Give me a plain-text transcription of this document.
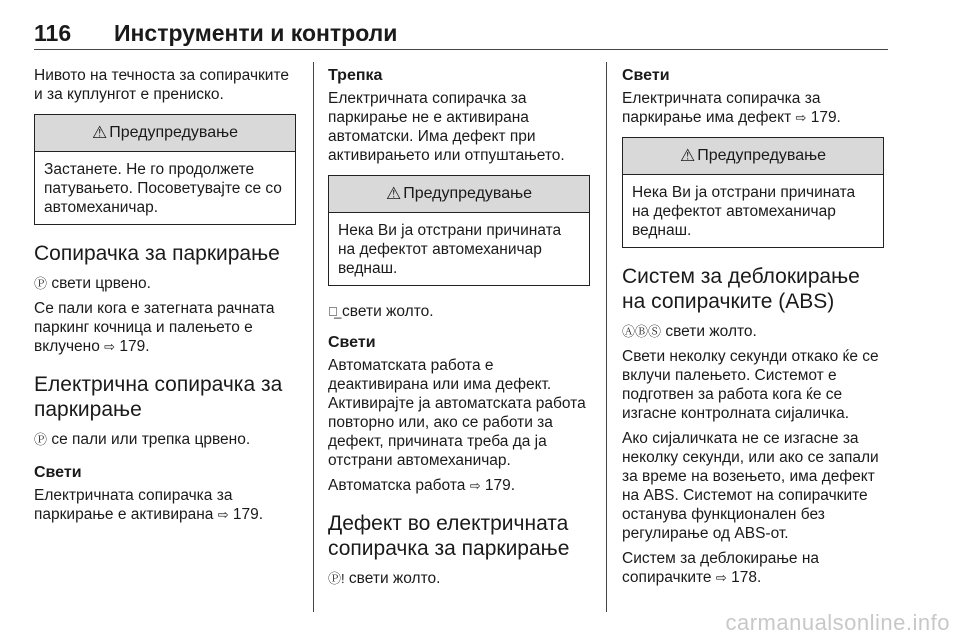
116 Инструменти и контроли

Нивото на течноста за сопирачките и за куплунгот е прениско.

⚠ Предупредување
Застанете. Не го продолжете патувањето. Посоветувајте се со автомеханичар.
Сопирачка за паркирање

Ⓟ свети црвено.

Се пали кога е затегната рачната паркинг кочница и палењето е вклучено ⇨ 179.

Електрична сопирачка за паркирање

Ⓟ се пали или трепка црвено.

Свети

Електричната сопирачка за паркирање е активирана ⇨ 179.

Трепка

Електричната сопирачка за паркирање не е активирана автоматски. Има дефект при активирањето или отпуштањето.

⚠ Предупредување
Нека Ви ја отстрани причината на дефектот автомеханичар веднаш.

Ⓟ̲ свети жолто.

Свети

Автоматската работа е деактивирана или има дефект. Активирајте ја автоматската работа повторно или, ако се работи за дефект, причината треба да ја отстрани автомеханичар.

Автоматска работа ⇨ 179.

Дефект во електричната сопирачка за паркирање

Ⓟ! свети жолто.

Свети

Електричната сопирачка за паркирање има дефект ⇨ 179.

⚠ Предупредување
Нека Ви ја отстрани причината на дефектот автомеханичар веднаш.
Систем за деблокирање на сопирачките (ABS)

ⒶⒷⓈ свети жолто.

Свети неколку секунди откако ќе се вклучи палењето. Системот е подготвен за работа кога ќе се изгасне контролната сијаличка.

Ако сијаличката не се изгасне за неколку секунди, или ако се запали за време на возењето, има дефект на ABS. Системот на сопирачките останува функционален без регулирање од ABS-от.

Систем за деблокирање на сопирачките ⇨ 178.

carmanualsonline.info
